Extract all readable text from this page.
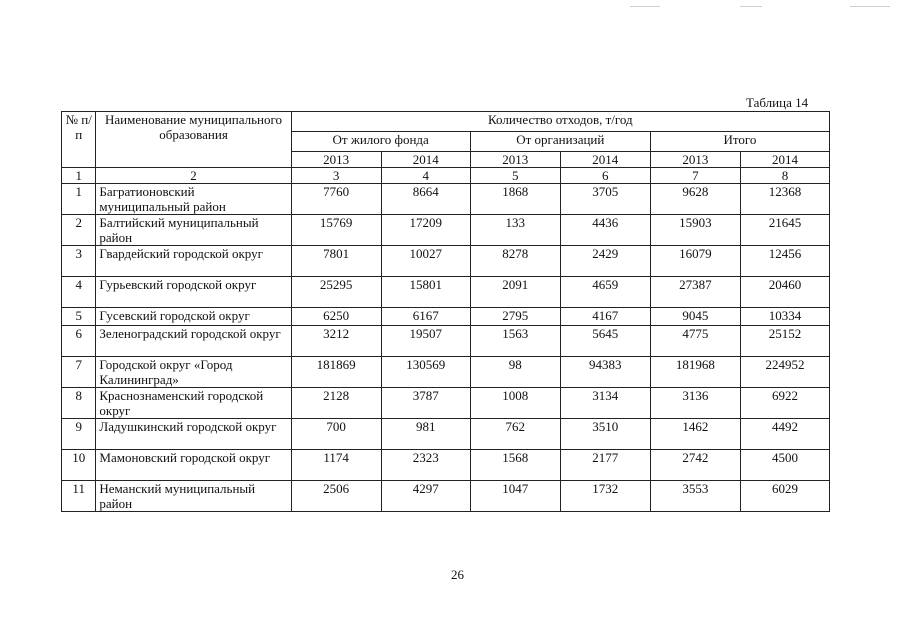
Таблица 14
№ п/п	Наименование муниципального образования	Количество отходов, т/год					
		От жилого фонда		От организаций		Итого	
		2013	2014	2013	2014	2013	2014
1	2	3	4	5	6	7	8
1	Багратионовский муниципальный район	7760	8664	1868	3705	9628	12368
2	Балтийский муниципальный район	15769	17209	133	4436	15903	21645
3	Гвардейский городской округ	7801	10027	8278	2429	16079	12456
4	Гурьевский городской округ	25295	15801	2091	4659	27387	20460
5	Гусевский городской округ	6250	6167	2795	4167	9045	10334
6	Зеленоградский городской округ	3212	19507	1563	5645	4775	25152
7	Городской округ «Город Калининград»	181869	130569	98	94383	181968	224952
8	Краснознаменский городской округ	2128	3787	1008	3134	3136	6922
9	Ладушкинский городской округ	700	981	762	3510	1462	4492
10	Мамоновский городской округ	1174	2323	1568	2177	2742	4500
11	Неманский муниципальный район	2506	4297	1047	1732	3553	6029
26
